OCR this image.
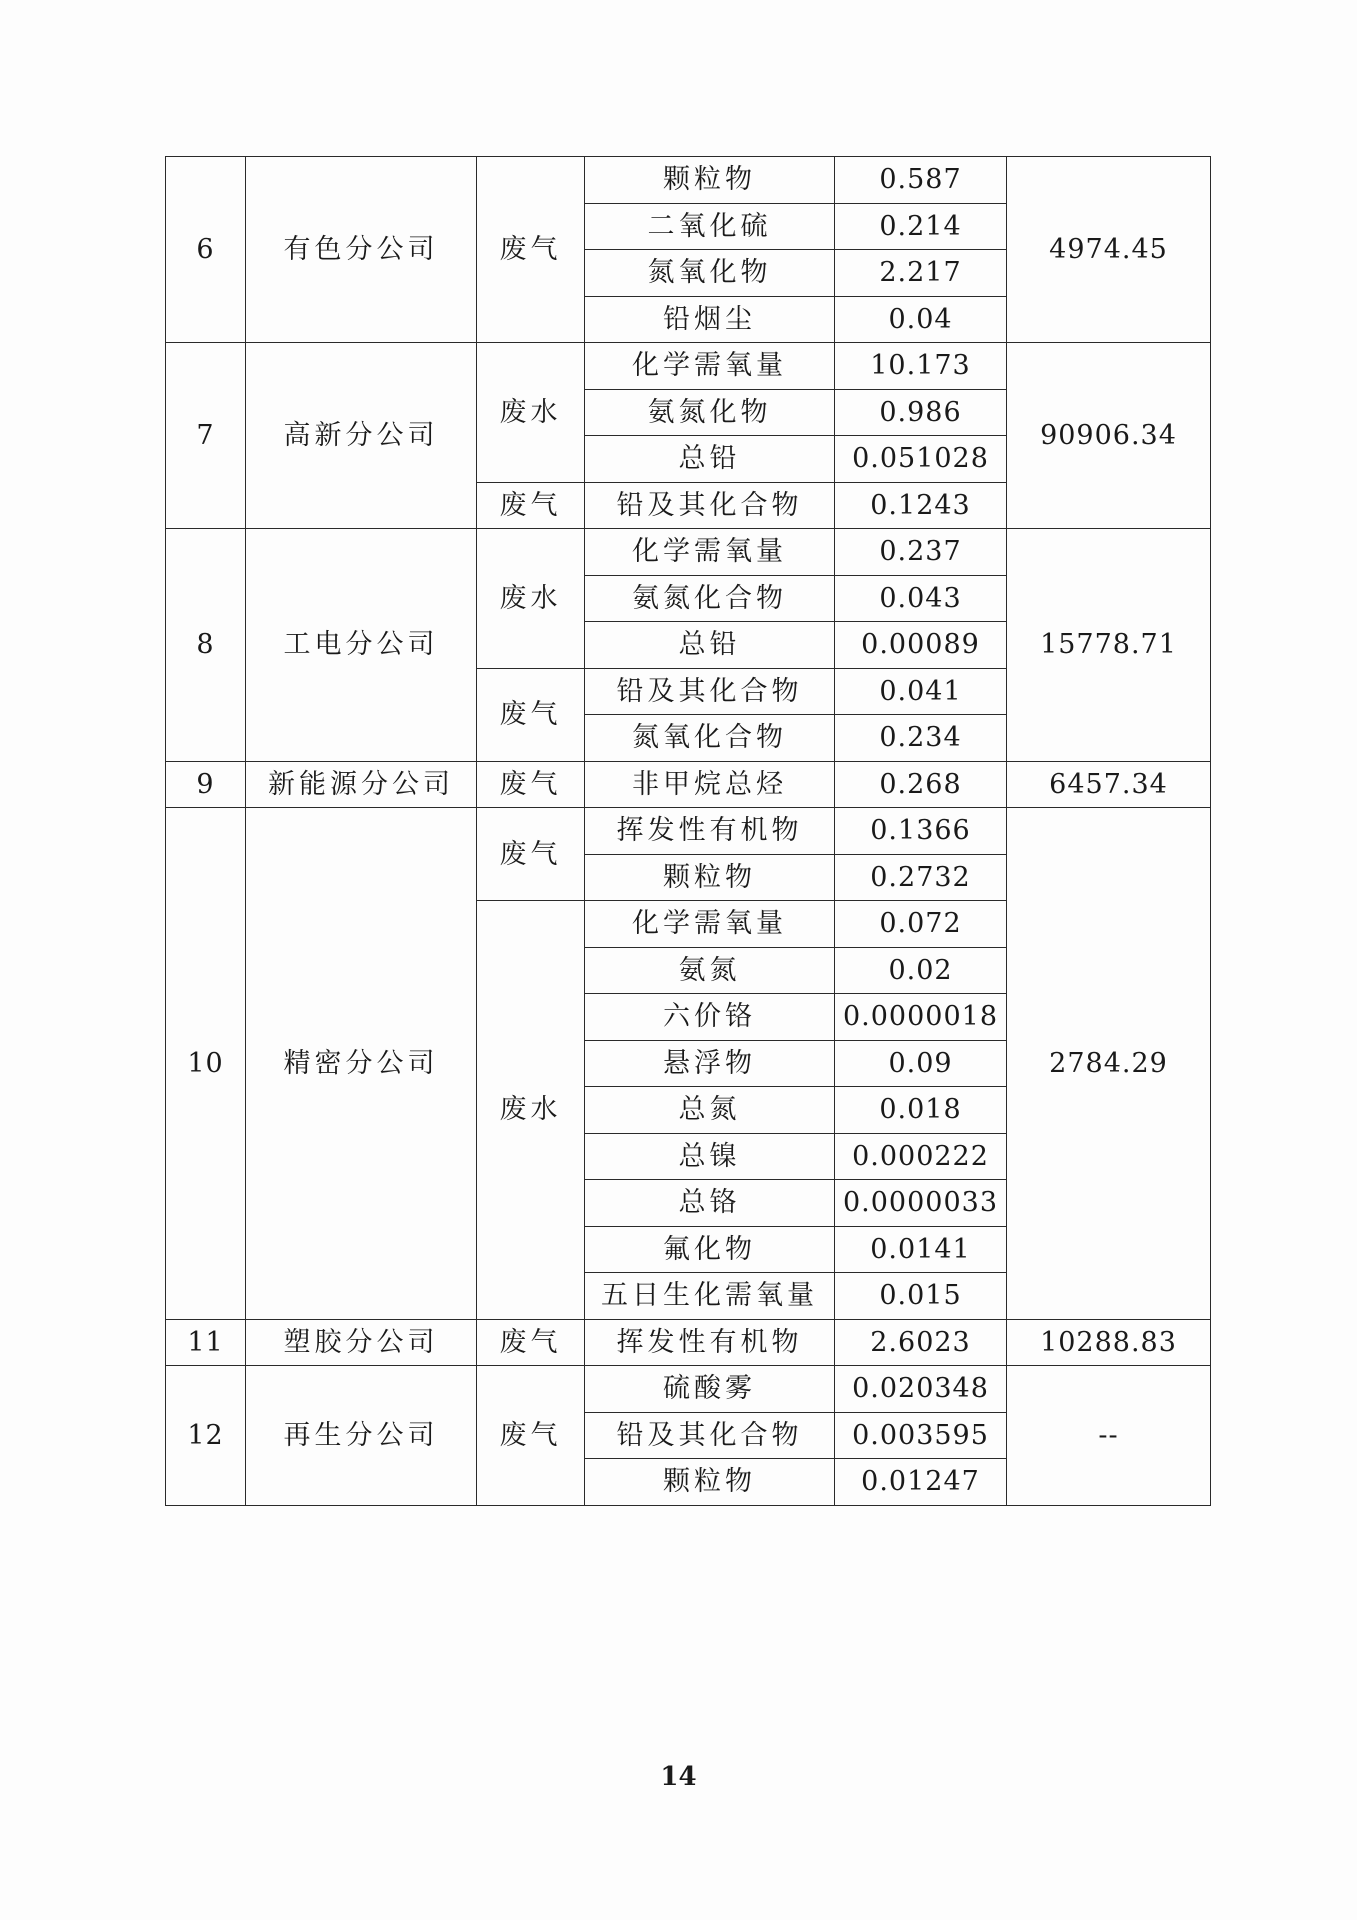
6	有色分公司	废气	颗粒物	0.587	4974.45
			二氧化硫	0.214	
			氮氧化物	2.217	
			铅烟尘	0.04	
7	高新分公司	废水	化学需氧量	10.173	90906.34
			氨氮化物	0.986	
			总铅	0.051028	
		废气	铅及其化合物	0.1243	
8	工电分公司	废水	化学需氧量	0.237	15778.71
			氨氮化合物	0.043	
			总铅	0.00089	
		废气	铅及其化合物	0.041	
			氮氧化合物	0.234	
9	新能源分公司	废气	非甲烷总烃	0.268	6457.34
10	精密分公司	废气	挥发性有机物	0.1366	2784.29
			颗粒物	0.2732	
		废水	化学需氧量	0.072	
			氨氮	0.02	
			六价铬	0.0000018	
			悬浮物	0.09	
			总氮	0.018	
			总镍	0.000222	
			总铬	0.0000033	
			氟化物	0.0141	
			五日生化需氧量	0.015	
11	塑胶分公司	废气	挥发性有机物	2.6023	10288.83
12	再生分公司	废气	硫酸雾	0.020348	--
			铅及其化合物	0.003595	
			颗粒物	0.01247	
14
